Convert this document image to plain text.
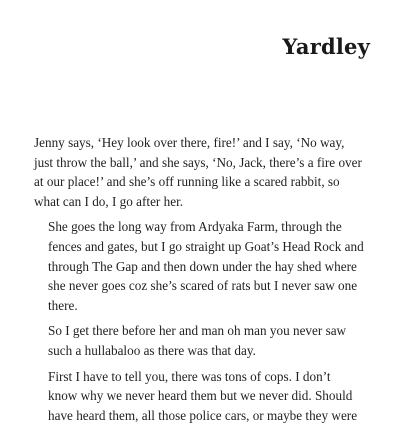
Yardley

Jenny says, ‘Hey look over there, fire!’ and I say, ‘No way,
just throw the ball,’ and she says, ‘No, Jack, there’s a fire over
at our place!’ and she’s off running like a scared rabbit, so
what can I do, I go after her.

She goes the long way from Ardyaka Farm, through the
fences and gates, but I go straight up Goat’s Head Rock and
through The Gap and then down under the hay shed where
she never goes coz she’s scared of rats but I never saw one
there.

So I get there before her and man oh man you never saw
such a hullabaloo as there was that day.

First I have to tell you, there was tons of cops. I don’t
know why we never heard them but we never did. Should
have heard them, all those police cars, or maybe they were
